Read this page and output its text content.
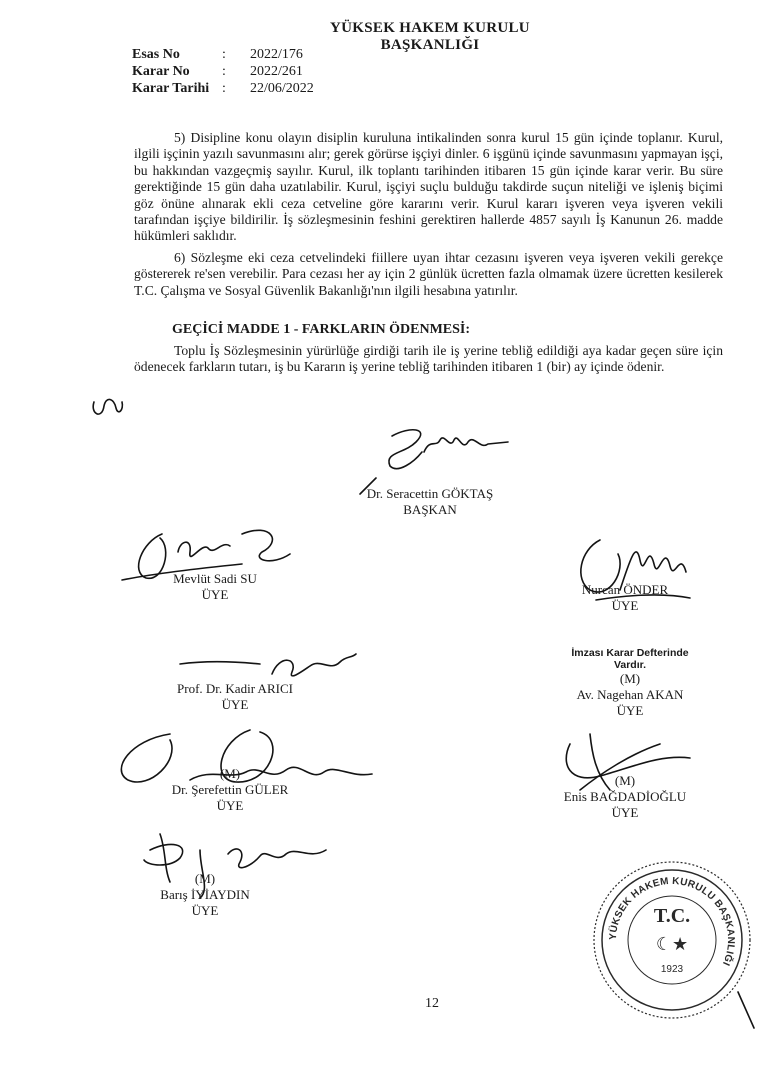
YÜKSEK HAKEM KURULU
BAŞKANLIĞI
Esas No	: 2022/176
Karar No : 2022/261
Karar Tarihi : 22/06/2022
5) Disipline konu olayın disiplin kuruluna intikalinden sonra kurul 15 gün içinde toplanır. Kurul, ilgili işçinin yazılı savunmasını alır; gerek görürse işçiyi dinler. 6 işgünü içinde savunmasını yapmayan işçi, bu hakkından vazgeçmiş sayılır. Kurul, ilk toplantı tarihinden itibaren 15 gün içinde karar verir. Bu süre gerektiğinde 15 gün daha uzatılabilir. Kurul, işçiyi suçlu bulduğu takdirde suçun niteliği ve işleniş biçimi göz önüne alınarak ekli ceza cetveline göre kararını verir. Kurul kararı işveren veya işveren vekili tarafından işçiye bildirilir. İş sözleşmesinin feshini gerektiren hallerde 4857 sayılı İş Kanunun 26. madde hükümleri saklıdır.
6) Sözleşme eki ceza cetvelindeki fiillere uyan ihtar cezasını işveren veya işveren vekili gerekçe göstererek re'sen verebilir. Para cezası her ay için 2 günlük ücretten fazla olmamak üzere ücretten kesilerek T.C. Çalışma ve Sosyal Güvenlik Bakanlığı'nın ilgili hesabına yatırılır.
GEÇİCİ MADDE 1 - FARKLARIN ÖDENMESİ:
Toplu İş Sözleşmesinin yürürlüğe girdiği tarih ile iş yerine tebliğ edildiği aya kadar geçen süre için ödenecek farkların tutarı, iş bu Kararın iş yerine tebliğ tarihinden itibaren 1 (bir) ay içinde ödenir.
Dr. Seracettin GÖKTAŞ
BAŞKAN
Mevlüt Sadi SU
ÜYE	Nurcan ÖNDER
ÜYE
Prof. Dr. Kadir ARICI
ÜYE
İmzası Karar Defterinde Vardır.
(M)
Av. Nagehan AKAN
ÜYE
(M)
Dr. Şerefettin GÜLER
ÜYE
(M)
Enis BAĞDADİOĞLU
ÜYE
(M)
Barış İYİAYDIN
ÜYE	T.C.
☾★
1923
YÜKSEK HAKEM KURULU BAŞKANLIĞI
12
